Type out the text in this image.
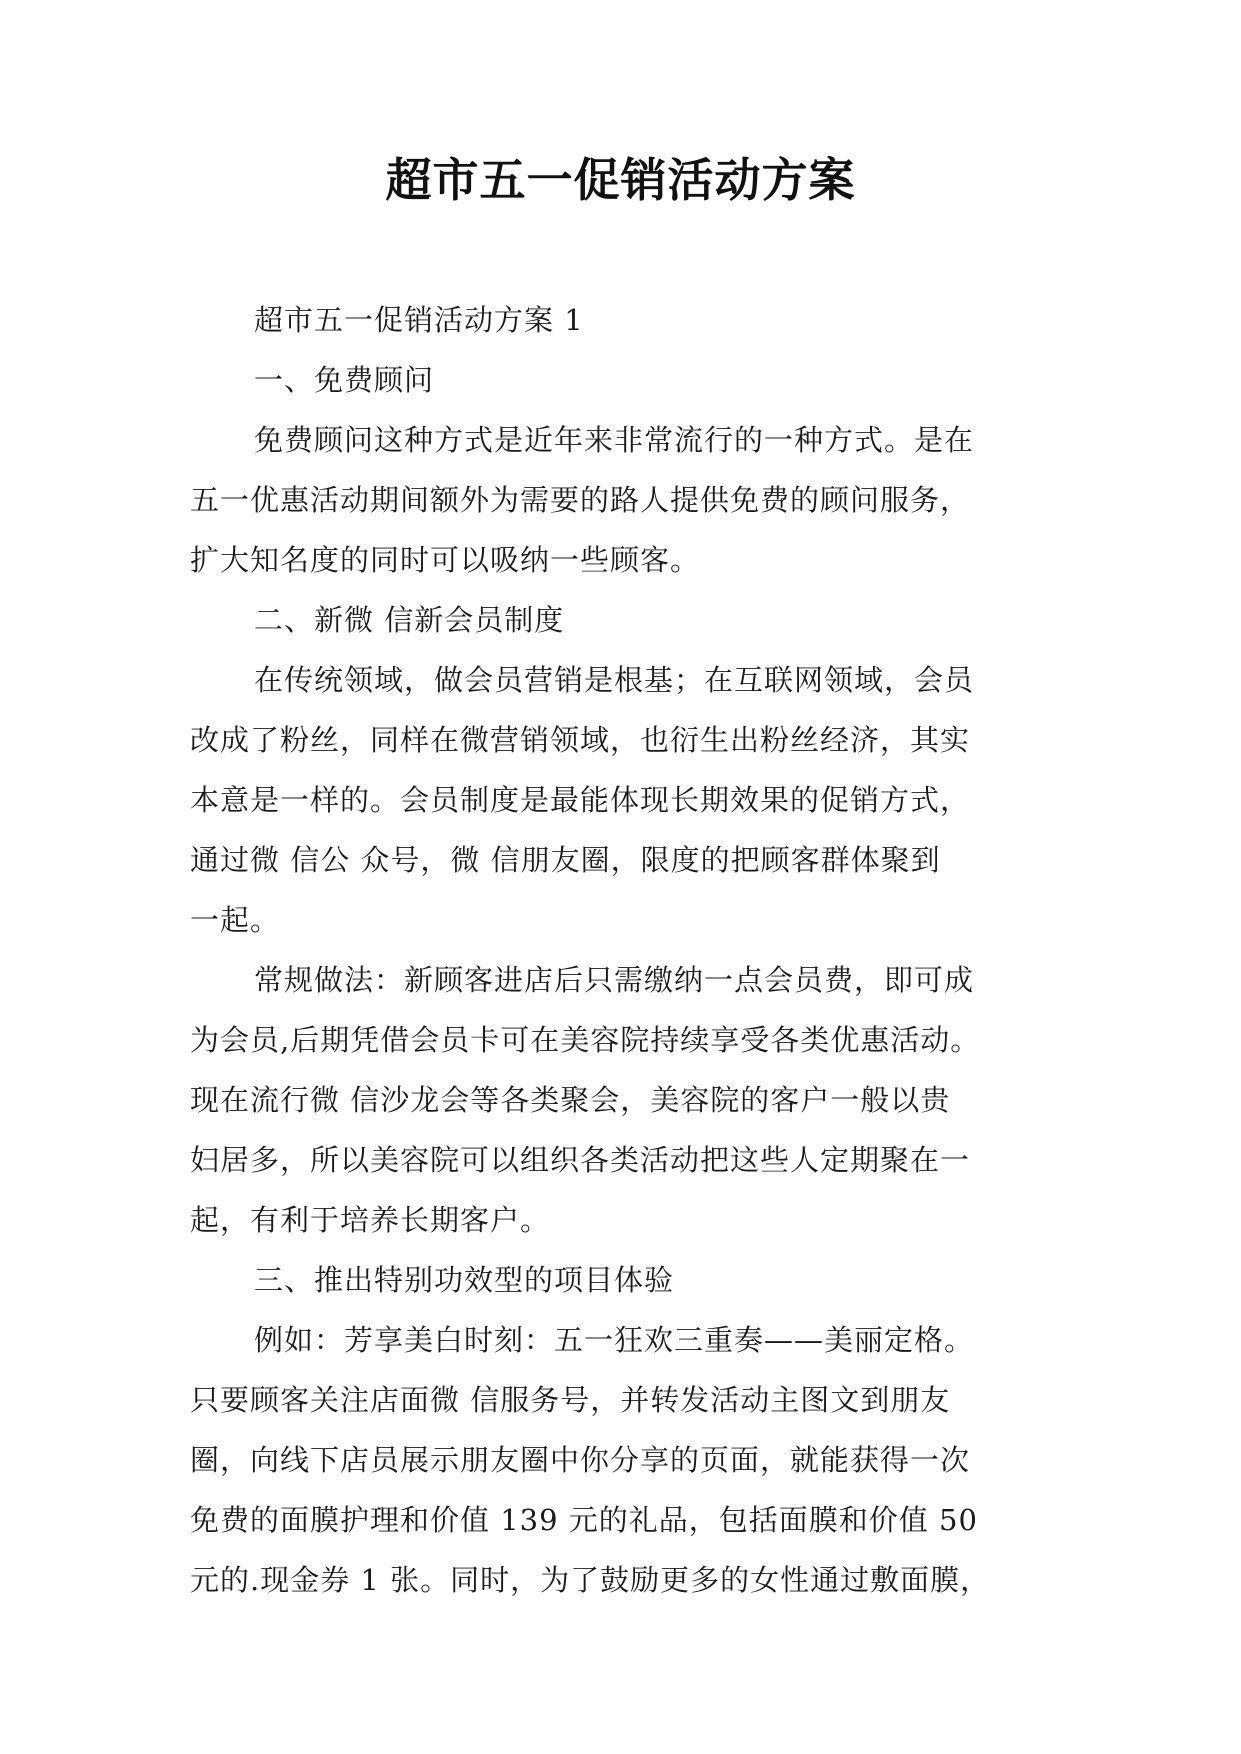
超市五一促销活动方案
超市五一促销活动方案 1
一、免费顾问
免费顾问这种方式是近年来非常流行的一种方式。是在
五一优惠活动期间额外为需要的路人提供免费的顾问服务，
扩大知名度的同时可以吸纳一些顾客。
二、新微 信新会员制度
在传统领域，做会员营销是根基；在互联网领域，会员
改成了粉丝，同样在微营销领域，也衍生出粉丝经济，其实
本意是一样的。会员制度是最能体现长期效果的促销方式，
通过微 信公 众号，微 信朋友圈，限度的把顾客群体聚到
一起。
常规做法：新顾客进店后只需缴纳一点会员费，即可成
为会员,后期凭借会员卡可在美容院持续享受各类优惠活动。
现在流行微 信沙龙会等各类聚会，美容院的客户一般以贵
妇居多，所以美容院可以组织各类活动把这些人定期聚在一
起，有利于培养长期客户。
三、推出特别功效型的项目体验
例如：芳享美白时刻：五一狂欢三重奏——美丽定格。
只要顾客关注店面微 信服务号，并转发活动主图文到朋友
圈，向线下店员展示朋友圈中你分享的页面，就能获得一次
免费的面膜护理和价值 139 元的礼品，包括面膜和价值 50
元的.现金券 1 张。同时，为了鼓励更多的女性通过敷面膜，
